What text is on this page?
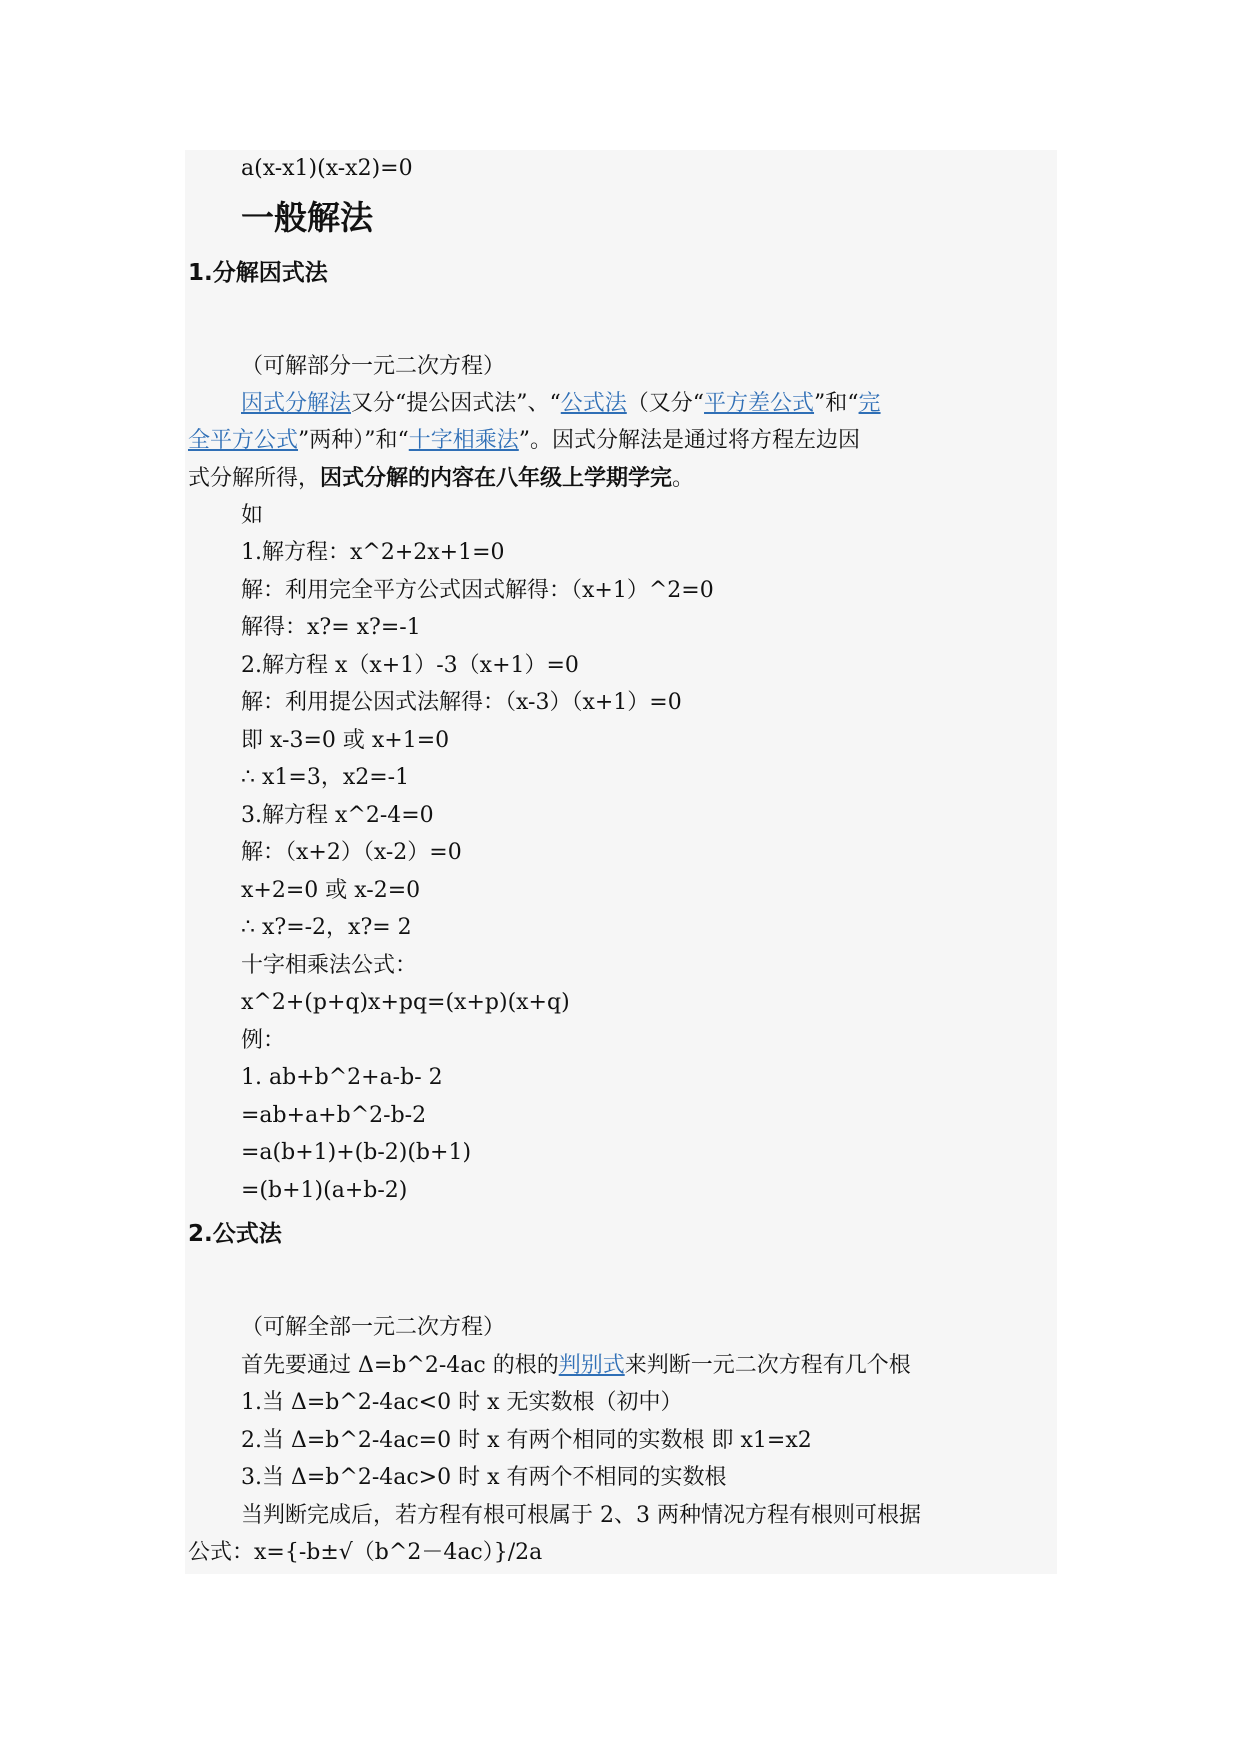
a(x-x1)(x-x2)=0
一般解法
1.分解因式法
（可解部分一元二次方程）
因式分解法又分“提公因式法”、“公式法（又分“平方差公式”和“完
全平方公式”两种）”和“十字相乘法”。因式分解法是通过将方程左边因
式分解所得，因式分解的内容在八年级上学期学完。
如
1.解方程：x^2+2x+1=0
解：利用完全平方公式因式解得：（x+1）^2=0
解得：x?= x?=-1
2.解方程 x（x+1）-3（x+1）=0
解：利用提公因式法解得：（x-3）（x+1）=0
即 x-3=0 或 x+1=0
∴ x1=3，x2=-1
3.解方程 x^2-4=0
解：（x+2）（x-2）=0
x+2=0 或 x-2=0
∴ x?=-2，x?= 2
十字相乘法公式：
x^2+(p+q)x+pq=(x+p)(x+q)
例：
1. ab+b^2+a-b- 2
=ab+a+b^2-b-2
=a(b+1)+(b-2)(b+1)
=(b+1)(a+b-2)
2.公式法
（可解全部一元二次方程）
首先要通过 Δ=b^2-4ac 的根的判别式来判断一元二次方程有几个根
1.当 Δ=b^2-4ac<0 时 x 无实数根（初中）
2.当 Δ=b^2-4ac=0 时 x 有两个相同的实数根 即 x1=x2
3.当 Δ=b^2-4ac>0 时 x 有两个不相同的实数根
当判断完成后，若方程有根可根属于 2、3 两种情况方程有根则可根据
公式：x={-b±√（b^2－4ac）}/2a
